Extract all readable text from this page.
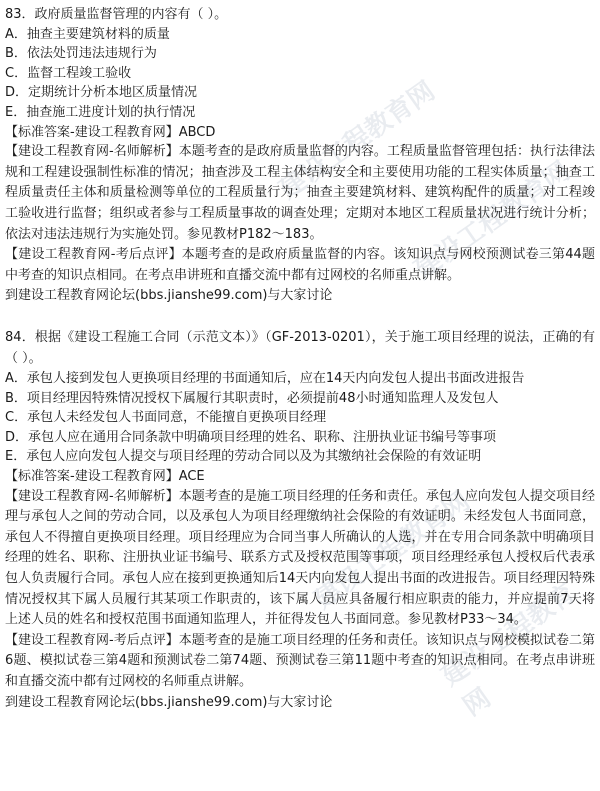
建设工程教育网
建设工程教育网
建设工程教育网
建设工程教育网

83．政府质量监督管理的内容有（ ）。

A．抽查主要建筑材料的质量

B．依法处罚违法违规行为

C．监督工程竣工验收

D．定期统计分析本地区质量情况

E．抽查施工进度计划的执行情况

【标准答案-建设工程教育网】ABCD

【建设工程教育网-名师解析】本题考查的是政府质量监督的内容。工程质量监督管理包括：执行法律法规和工程建设强制性标准的情况；抽查涉及工程主体结构安全和主要使用功能的工程实体质量；抽查工程质量责任主体和质量检测等单位的工程质量行为；抽查主要建筑材料、建筑构配件的质量；对工程竣工验收进行监督；组织或者参与工程质量事故的调查处理；定期对本地区工程质量状况进行统计分析；依法对违法违规行为实施处罚。参见教材P182～183。

【建设工程教育网-考后点评】本题考查的是政府质量监督的内容。该知识点与网校预测试卷三第44题中考查的知识点相同。在考点串讲班和直播交流中都有过网校的名师重点讲解。

到建设工程教育网论坛(bbs.jianshe99.com)与大家讨论

84．根据《建设工程施工合同（示范文本）》（GF-2013-0201），关于施工项目经理的说法，正确的有（ ）。

A．承包人接到发包人更换项目经理的书面通知后，应在14天内向发包人提出书面改进报告

B．项目经理因特殊情况授权下属履行其职责时，必须提前48小时通知监理人及发包人

C．承包人未经发包人书面同意，不能擅自更换项目经理

D．承包人应在通用合同条款中明确项目经理的姓名、职称、注册执业证书编号等事项

E．承包人应向发包人提交与项目经理的劳动合同以及为其缴纳社会保险的有效证明

【标准答案-建设工程教育网】ACE

【建设工程教育网-名师解析】本题考查的是施工项目经理的任务和责任。承包人应向发包人提交项目经理与承包人之间的劳动合同，以及承包人为项目经理缴纳社会保险的有效证明。未经发包人书面同意，承包人不得擅自更换项目经理。项目经理应为合同当事人所确认的人选，并在专用合同条款中明确项目经理的姓名、职称、注册执业证书编号、联系方式及授权范围等事项，项目经理经承包人授权后代表承包人负责履行合同。承包人应在接到更换通知后14天内向发包人提出书面的改进报告。项目经理因特殊情况授权其下属人员履行其某项工作职责的，该下属人员应具备履行相应职责的能力，并应提前7天将上述人员的姓名和授权范围书面通知监理人，并征得发包人书面同意。参见教材P33～34。

【建设工程教育网-考后点评】本题考查的是施工项目经理的任务和责任。该知识点与网校模拟试卷二第6题、模拟试卷三第4题和预测试卷二第74题、预测试卷三第11题中考查的知识点相同。在考点串讲班和直播交流中都有过网校的名师重点讲解。

到建设工程教育网论坛(bbs.jianshe99.com)与大家讨论
